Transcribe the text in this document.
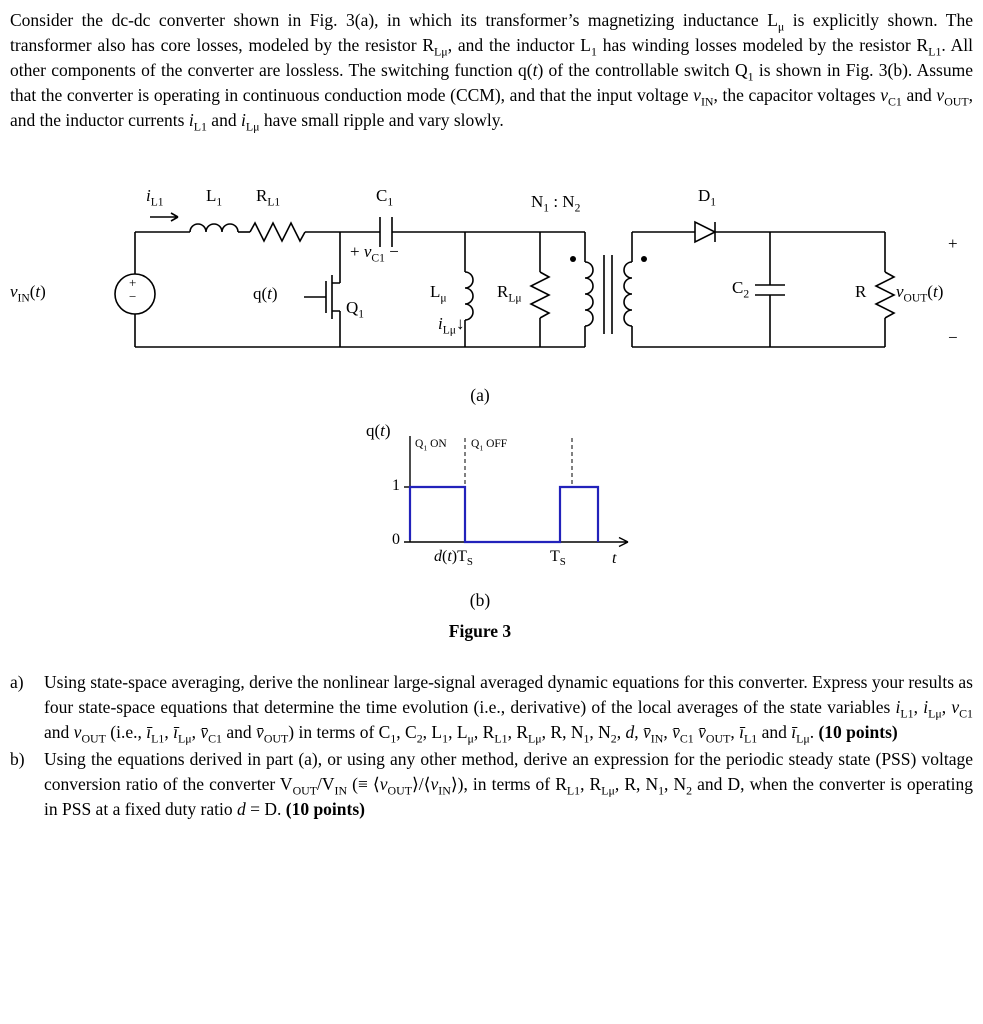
Consider the dc-dc converter shown in Fig. 3(a), in which its transformer’s magnetizing inductance $L_\mu$ is explicitly shown. The transformer also has core losses, modeled by the resistor $R_{L\mu}$, and the inductor $L_1$ has winding losses modeled by the resistor $R_{L1}$. All other components of the converter are lossless. The switching function q(t) of the controllable switch $Q_1$ is shown in Fig. 3(b). Assume that the converter is operating in continuous conduction mode (CCM), and that the input voltage $v_{IN}$, the capacitor voltages $v_{C1}$ and $v_{OUT}$, and the inductor currents $i_{L1}$ and $i_{L\mu}$ have small ripple and vary slowly.
$i_{L1}$ $L_1$ $R_{L1}$	$C_1$
+ $v_{C1}$ −
$v_{IN}(t)$	+
−	q(t)
$Q_1$
$L_\mu$
$i_{L\mu}↓$
$R_{L\mu}$
$N_1$ : $N_2$
$D_1$
$C_2$	R
+
$v_{OUT}(t)$
−
(a)
q(t)
$Q_1$ ON $Q_1$ OFF
1
0
$d(t)T_S$	$T_S$	t
(b)
Figure 3
a)	Using state-space averaging, derive the nonlinear large-signal averaged dynamic equations for this converter. Express your results as four state-space equations that determine the time evolution (i.e., derivative) of the local averages of the state variables $i_{L1}$, $i_{L\mu}$, $v_{C1}$ and $v_{OUT}$ (i.e., $ī_{L1}$, $ī_{L\mu}$, $v̄_{C1}$ and $v̄_{OUT}$) in terms of $C_1$, $C_2$, $L_1$, $L_\mu$, $R_{L1}$, $R_{L\mu}$, R, $N_1$, $N_2$, d, $v̄_{IN}$, $v̄_{C1}$ $v̄_{OUT}$, $ī_{L1}$ and $ī_{L\mu}$. (10 points)
b)	Using the equations derived in part (a), or using any other method, derive an expression for the periodic steady state (PSS) voltage conversion ratio of the converter $V_{OUT}/V_{IN}$ (≡ $⟨v_{OUT}⟩/⟨v_{IN}⟩$), in terms of $R_{L1}$, $R_{L\mu}$, R, $N_1$, $N_2$ and D, when the converter is operating in PSS at a fixed duty ratio d = D. (10 points)
